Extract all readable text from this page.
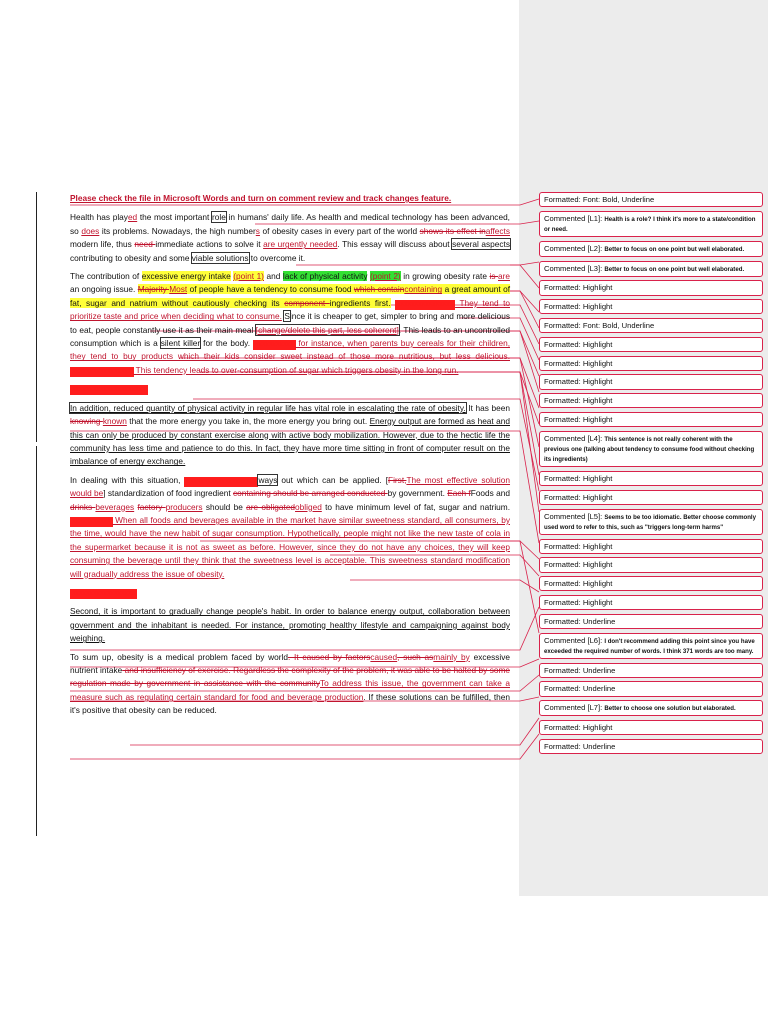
Please check the file in Microsoft Words and turn on comment review and track changes feature.

Health has played the most important role in humans' daily life. As health and medical technology has been advanced, so does its problems. Nowadays, the high numbers of obesity cases in every part of the world shows its effect inaffects modern life, thus need immediate actions to solve it are urgently needed. This essay will discuss about several aspects contributing to obesity and some viable solutions to overcome it.

The contribution of excessive energy intake (point 1) and lack of physical activity (point 2) in growing obesity rate is are an ongoing issue. Majority Most of people have a tendency to consume food which containcontaining a great amount of fat, sugar and natrium without cautiously checking its component ingredients first. xxxxxxxxxxxxxxxx They tend to prioritize taste and price when deciding what to consume. Since it is cheaper to get, simpler to bring and more delicious to eat, people constantly use it as their main meal [change/delete this part, less coherent]. This leads to an uncontrolled consumption which is a silent killer for the body. xxxxxxxxxxx for instance, when parents buy cereals for their children, they tend to buy products which their kids consider sweet instead of those more nutritious, but less delicious. xxxxxxxxxxxxxxxxx This tendency leads to over-consumption of sugar which triggers obesity in the long run.

xxxxxxxxxxxxxxxxxxxxx

In addition, reduced quantity of physical activity in regular life has vital role in escalating the rate of obesity. It has been knowing known that the more energy you take in, the more energy you bring out. Energy output are formed as heat and this can only be produced by constant exercise along with active body mobilization. However, due to the hectic life the community has less time and patience to do this. In fact, they have more time sitting in front of computer result on the imbalance of energy exchange.

In dealing with this situation, xxxxxxxxxxxxxxxxxxxx ways out which can be applied. [First,The most effective solution would be] standardization of food ingredient containing should be arranged conducted by government. Each fFoods and drinks beverages factory producers should be are obligatedobliged to have minimum level of fat, sugar and natrium. xxxxxxxxxxx When all foods and beverages available in the market have similar sweetness standard, all consumers, by the time, would have the new habit of sugar consumption. Hypothetically, people might not like the new taste of cola in the supermarket because it is not as sweet as before. However, since they do not have any choices, they will keep consuming the beverage until they think that the sweetness level is acceptable. This sweetness standard modification will gradually address the issue of obesity.

xxxxxxxxxxxxxxxxxx

Second, it is important to gradually change people's habit. In order to balance energy output, collaboration between government and the inhabitant is needed. For instance, promoting healthy lifestyle and campaigning against body weighing.

To sum up, obesity is a medical problem faced by world. It caused by factorscaused, such asmainly by excessive nutrient intake and insufficiency of exercise. Regardless the complexity of the problem, it was able to be halted by some regulation made by government in assistance with the communityTo address this issue, the government can take a measure such as regulating certain standard for food and beverage production. If these solutions can be fulfilled, then it's positive that obesity can be reduced.

Formatted: Font: Bold, Underline
Commented [L1]: Health is a role? I think it's more to a state/condition or need.
Commented [L2]: Better to focus on one point but well elaborated.
Commented [L3]: Better to focus on one point but well elaborated.
Formatted: Highlight
Formatted: Highlight
Formatted: Font: Bold, Underline
Formatted: Highlight
Formatted: Highlight
Formatted: Highlight
Formatted: Highlight
Formatted: Highlight
Commented [L4]: This sentence is not really coherent with the previous one (talking about tendency to consume food without checking its ingredients)
Formatted: Highlight
Formatted: Highlight
Commented [L5]: Seems to be too idiomatic. Better choose commonly used word to refer to this, such as "triggers long-term harms"
Formatted: Highlight
Formatted: Highlight
Formatted: Highlight
Formatted: Highlight
Formatted: Underline
Commented [L6]: I don't recommend adding this point since you have exceeded the required number of words. I think 371 words are too many.
Formatted: Underline
Formatted: Underline
Commented [L7]: Better to choose one solution but elaborated.
Formatted: Highlight
Formatted: Underline
